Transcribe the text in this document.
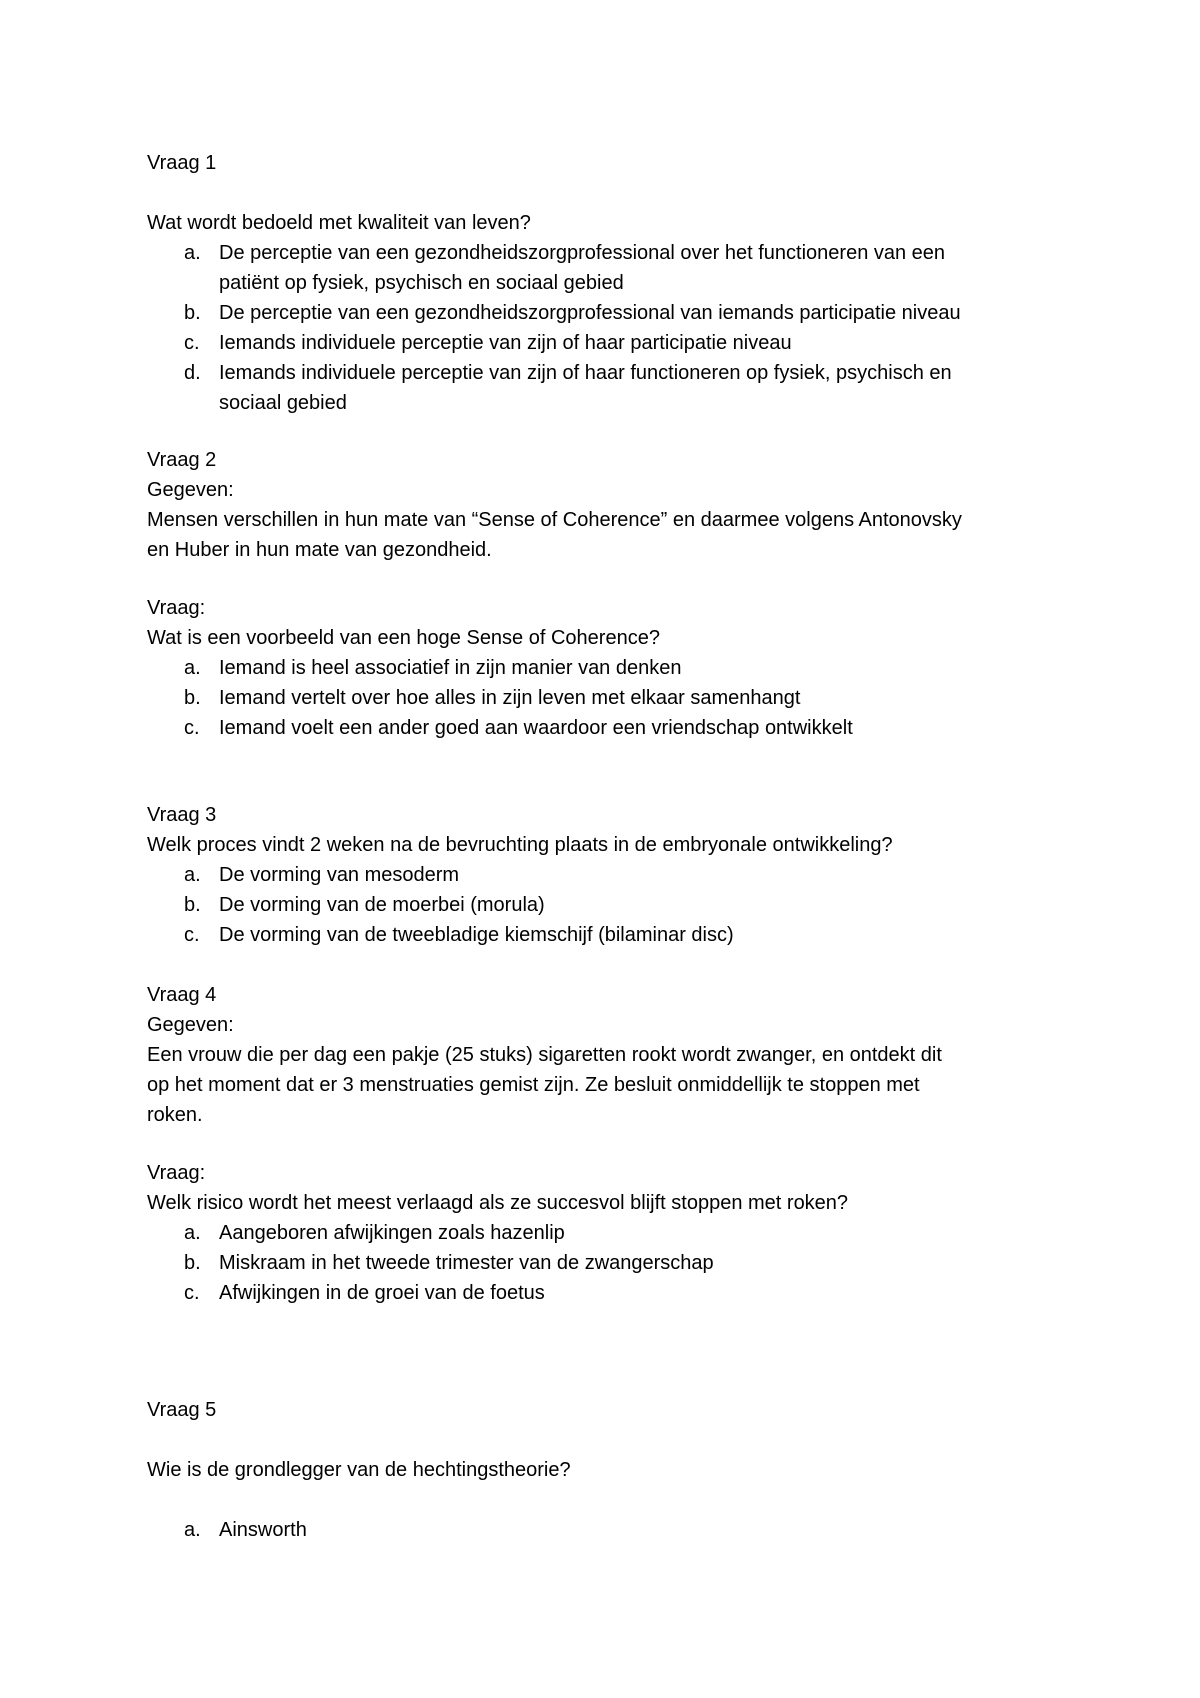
Vraag 1
Wat wordt bedoeld met kwaliteit van leven?
a. De perceptie van een gezondheidszorgprofessional over het functioneren van een
patiënt op fysiek, psychisch en sociaal gebied
b. De perceptie van een gezondheidszorgprofessional van iemands participatie niveau
c. Iemands individuele perceptie van zijn of haar participatie niveau
d. Iemands individuele perceptie van zijn of haar functioneren op fysiek, psychisch en
sociaal gebied
Vraag 2
Gegeven:
Mensen verschillen in hun mate van “Sense of Coherence” en daarmee volgens Antonovsky
en Huber in hun mate van gezondheid.
Vraag:
Wat is een voorbeeld van een hoge Sense of Coherence?
a. Iemand is heel associatief in zijn manier van denken
b. Iemand vertelt over hoe alles in zijn leven met elkaar samenhangt
c. Iemand voelt een ander goed aan waardoor een vriendschap ontwikkelt
Vraag 3
Welk proces vindt 2 weken na de bevruchting plaats in de embryonale ontwikkeling?
a. De vorming van mesoderm
b. De vorming van de moerbei (morula)
c. De vorming van de tweebladige kiemschijf (bilaminar disc)
Vraag 4
Gegeven:
Een vrouw die per dag een pakje (25 stuks) sigaretten rookt wordt zwanger, en ontdekt dit
op het moment dat er 3 menstruaties gemist zijn. Ze besluit onmiddellijk te stoppen met
roken.
Vraag:
Welk risico wordt het meest verlaagd als ze succesvol blijft stoppen met roken?
a. Aangeboren afwijkingen zoals hazenlip
b. Miskraam in het tweede trimester van de zwangerschap
c. Afwijkingen in de groei van de foetus
Vraag 5
Wie is de grondlegger van de hechtingstheorie?
a. Ainsworth
